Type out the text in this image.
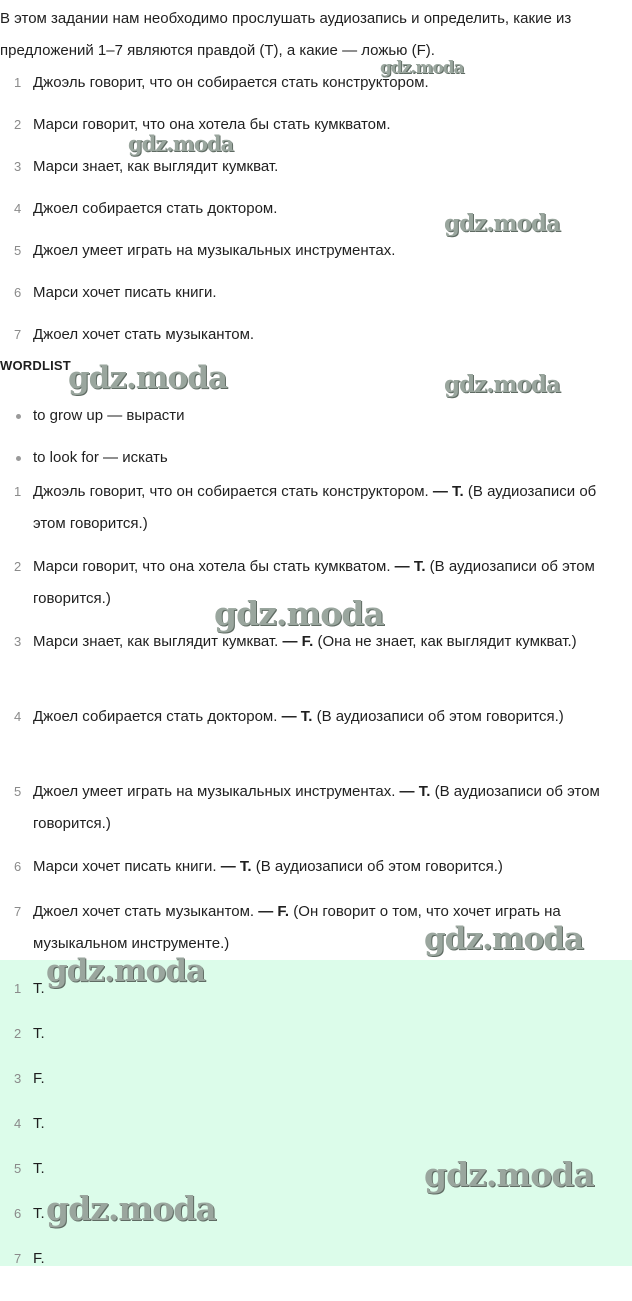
В этом задании нам необходимо прослушать аудиозапись и определить, какие из предложений 1–7 являются правдой (T), а какие — ложью (F).

1 Джоэль говорит, что он собирается стать конструктором.
2 Марси говорит, что она хотела бы стать кумкватом.
3 Марси знает, как выглядит кумкват.
4 Джоел собирается стать доктором.
5 Джоел умеет играть на музыкальных инструментах.
6 Марси хочет писать книги.
7 Джоел хочет стать музыкантом.
WORDLIST
to grow up — вырасти
to look for — искать
1 Джоэль говорит, что он собирается стать конструктором. — T. (В аудиозаписи об этом говорится.)
2 Марси говорит, что она хотела бы стать кумкватом. — T. (В аудиозаписи об этом говорится.)
3 Марси знает, как выглядит кумкват. — F. (Она не знает, как выглядит кумкват.)
4 Джоел собирается стать доктором. — T. (В аудиозаписи об этом говорится.)
5 Джоел умеет играть на музыкальных инструментах. — T. (В аудиозаписи об этом говорится.)
6 Марси хочет писать книги. — T. (В аудиозаписи об этом говорится.)
7 Джоел хочет стать музыкантом. — F. (Он говорит о том, что хочет играть на музыкальном инструменте.)
1 T.
2 T.
3 F.
4 T.
5 T.
6 T.
7 F.
gdz.moda
gdz.moda
gdz.moda
gdz.moda	gdz.moda
gdz.moda
gdz.moda
gdz.moda
gdz.moda
gdz.moda
